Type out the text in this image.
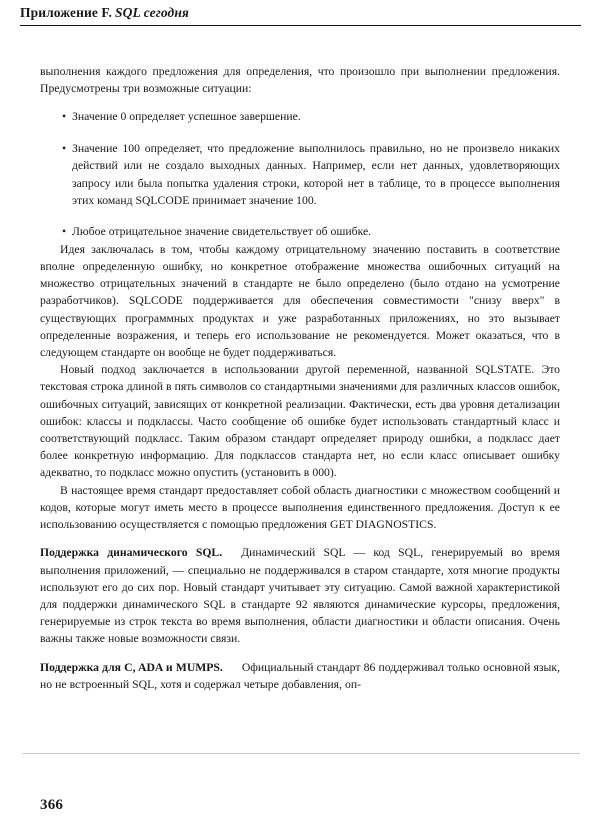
Приложение F. SQL сегодня

выполнения каждого предложения для определения, что произошло при выполнении предложения. Предусмотрены три возможные ситуации:

• Значение 0 определяет успешное завершение.
• Значение 100 определяет, что предложение выполнилось правильно, но не произвело никаких действий или не создало выходных данных. Например, если нет данных, удовлетворяющих запросу или была попытка удаления строки, которой нет в таблице, то в процессе выполнения этих команд SQLCODE принимает значение 100.
• Любое отрицательное значение свидетельствует об ошибке.

Идея заключалась в том, чтобы каждому отрицательному значению поставить в соответствие вполне определенную ошибку, но конкретное отображение множества ошибочных ситуаций на множество отрицательных значений в стандарте не было определено (было отдано на усмотрение разработчиков). SQLCODE поддерживается для обеспечения совместимости "снизу вверх" в существующих программных продуктах и уже разработанных приложениях, но это вызывает определенные возражения, и теперь его использование не рекомендуется. Может оказаться, что в следующем стандарте он вообще не будет поддерживаться.

Новый подход заключается в использовании другой переменной, названной SQLSTATE. Это текстовая строка длиной в пять символов со стандартными значениями для различных классов ошибок, ошибочных ситуаций, зависящих от конкретной реализации. Фактически, есть два уровня детализации ошибок: классы и подклассы. Часто сообщение об ошибке будет использовать стандартный класс и соответствующий подкласс. Таким образом стандарт определяет природу ошибки, а подкласс дает более конкретную информацию. Для подклассов стандарта нет, но если класс описывает ошибку адекватно, то подкласс можно опустить (установить в 000).

В настоящее время стандарт предоставляет собой область диагностики с множеством сообщений и кодов, которые могут иметь место в процессе выполнения единственного предложения. Доступ к ее использованию осуществляется с помощью предложения GET DIAGNOSTICS.

Поддержка динамического SQL. Динамический SQL — код SQL, генерируемый во время выполнения приложений, — специально не поддерживался в старом стандарте, хотя многие продукты используют его до сих пор. Новый стандарт учитывает эту ситуацию. Самой важной характеристикой для поддержки динамического SQL в стандарте 92 являются динамические курсоры, предложения, генерируемые из строк текста во время выполнения, области диагностики и области описания. Очень важны также новые возможности связи.

Поддержка для C, ADA и MUMPS. Официальный стандарт 86 поддерживал только основной язык, но не встроенный SQL, хотя и содержал четыре добавления, оп-

366
